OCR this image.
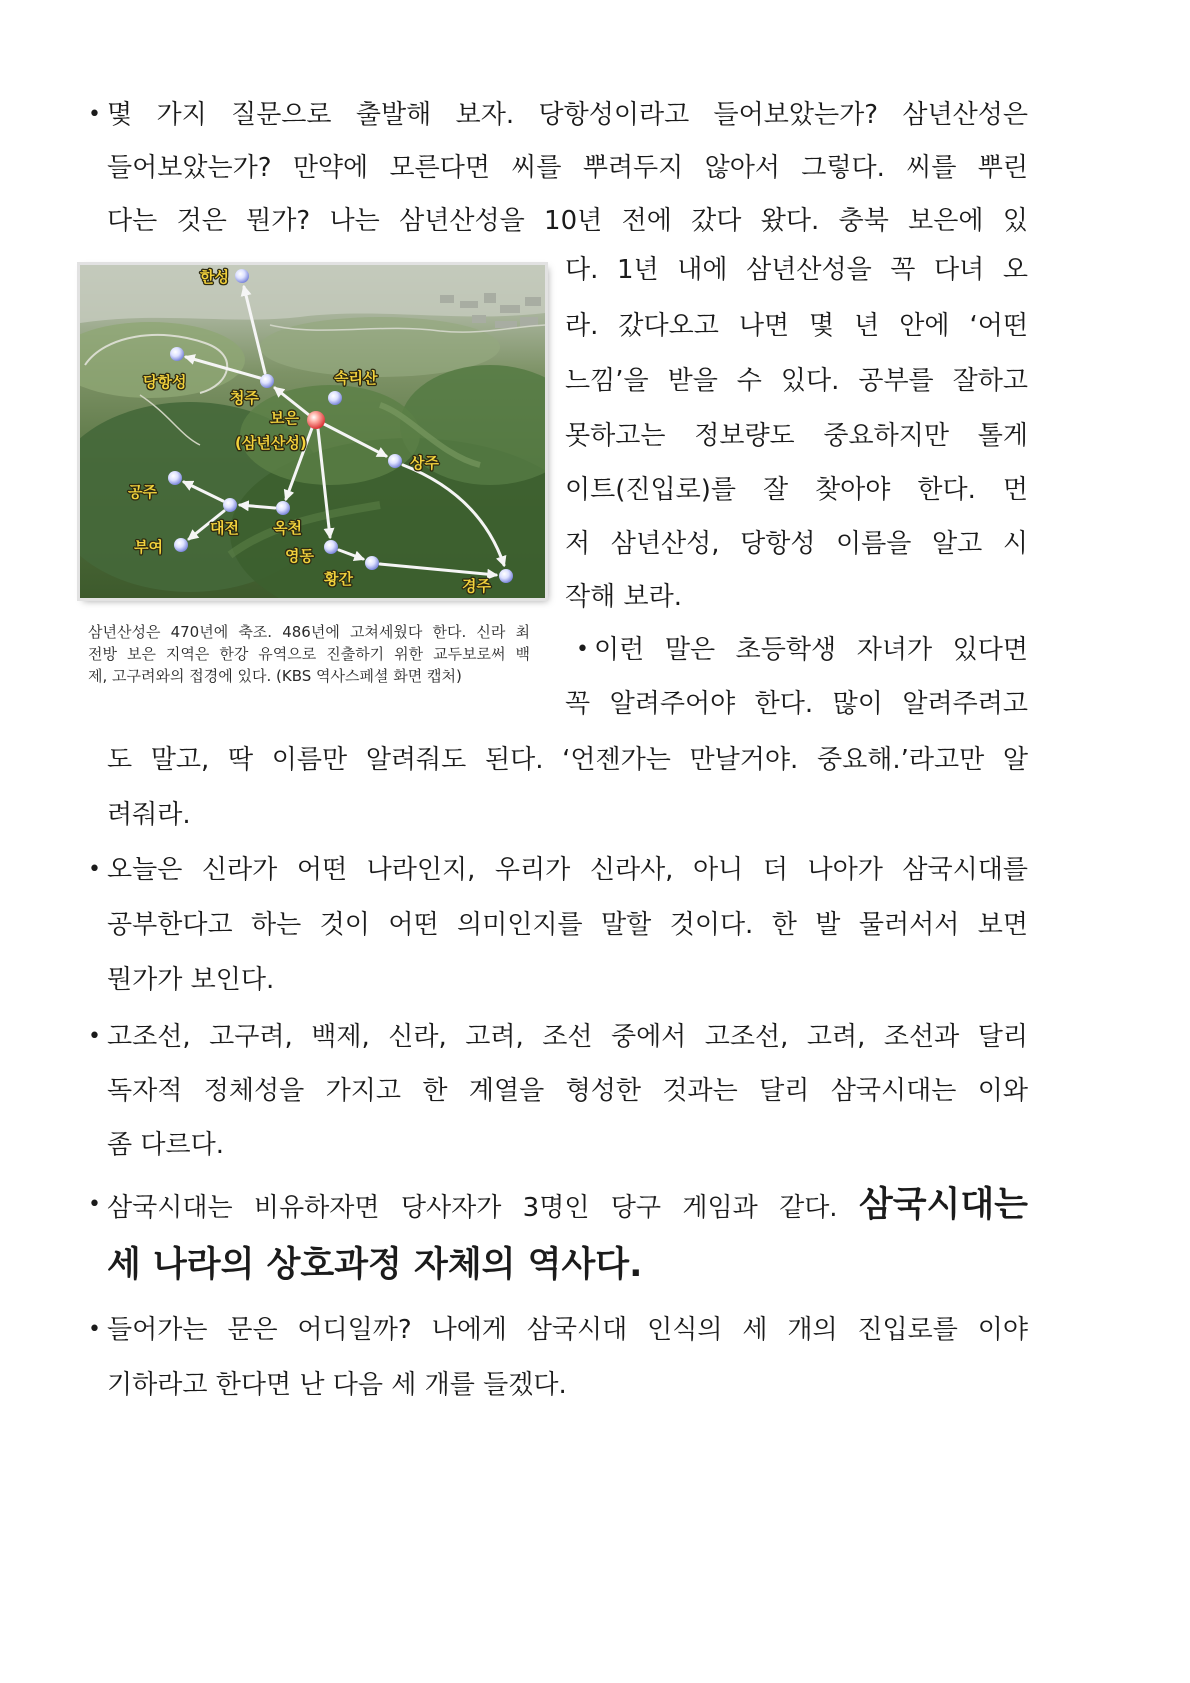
• 몇 가지 질문으로 출발해 보자. 당항성이라고 들어보았는가? 삼년산성은
들어보았는가? 만약에 모른다면 씨를 뿌려두지 않아서 그렇다. 씨를 뿌린
다는 것은 뭔가? 나는 삼년산성을 10년 전에 갔다 왔다. 충북 보은에 있
다. 1년 내에 삼년산성을 꼭 다녀 오
라. 갔다오고 나면 몇 년 안에 ‘어떤
느낌’을 받을 수 있다. 공부를 잘하고
못하고는 정보량도 중요하지만 톨게
이트(진입로)를 잘 찾아야 한다. 먼
저 삼년산성, 당항성 이름을 알고 시
작해 보라.
한성
당항성
청주
속리산
보은
(삼년산성)
상주
공주
대전 옥천
부여	영동
황간	경주
삼년산성은 470년에 축조. 486년에 고쳐세웠다 한다. 신라 최
전방 보은 지역은 한강 유역으로 진출하기 위한 교두보로써 백
제, 고구려와의 접경에 있다. (KBS 역사스페셜 화면 캡처)
• 이런 말은 초등학생 자녀가 있다면
꼭 알려주어야 한다. 많이 알려주려고
도 말고, 딱 이름만 알려줘도 된다. ‘언젠가는 만날거야. 중요해.’라고만 알
려줘라.
• 오늘은 신라가 어떤 나라인지, 우리가 신라사, 아니 더 나아가 삼국시대를
공부한다고 하는 것이 어떤 의미인지를 말할 것이다. 한 발 물러서서 보면
뭔가가 보인다.
• 고조선, 고구려, 백제, 신라, 고려, 조선 중에서 고조선, 고려, 조선과 달리
독자적 정체성을 가지고 한 계열을 형성한 것과는 달리 삼국시대는 이와
좀 다르다.
• 삼국시대는 비유하자면 당사자가 3명인 당구 게임과 같다. 삼국시대는
세 나라의 상호과정 자체의 역사다.
• 들어가는 문은 어디일까? 나에게 삼국시대 인식의 세 개의 진입로를 이야
기하라고 한다면 난 다음 세 개를 들겠다.
